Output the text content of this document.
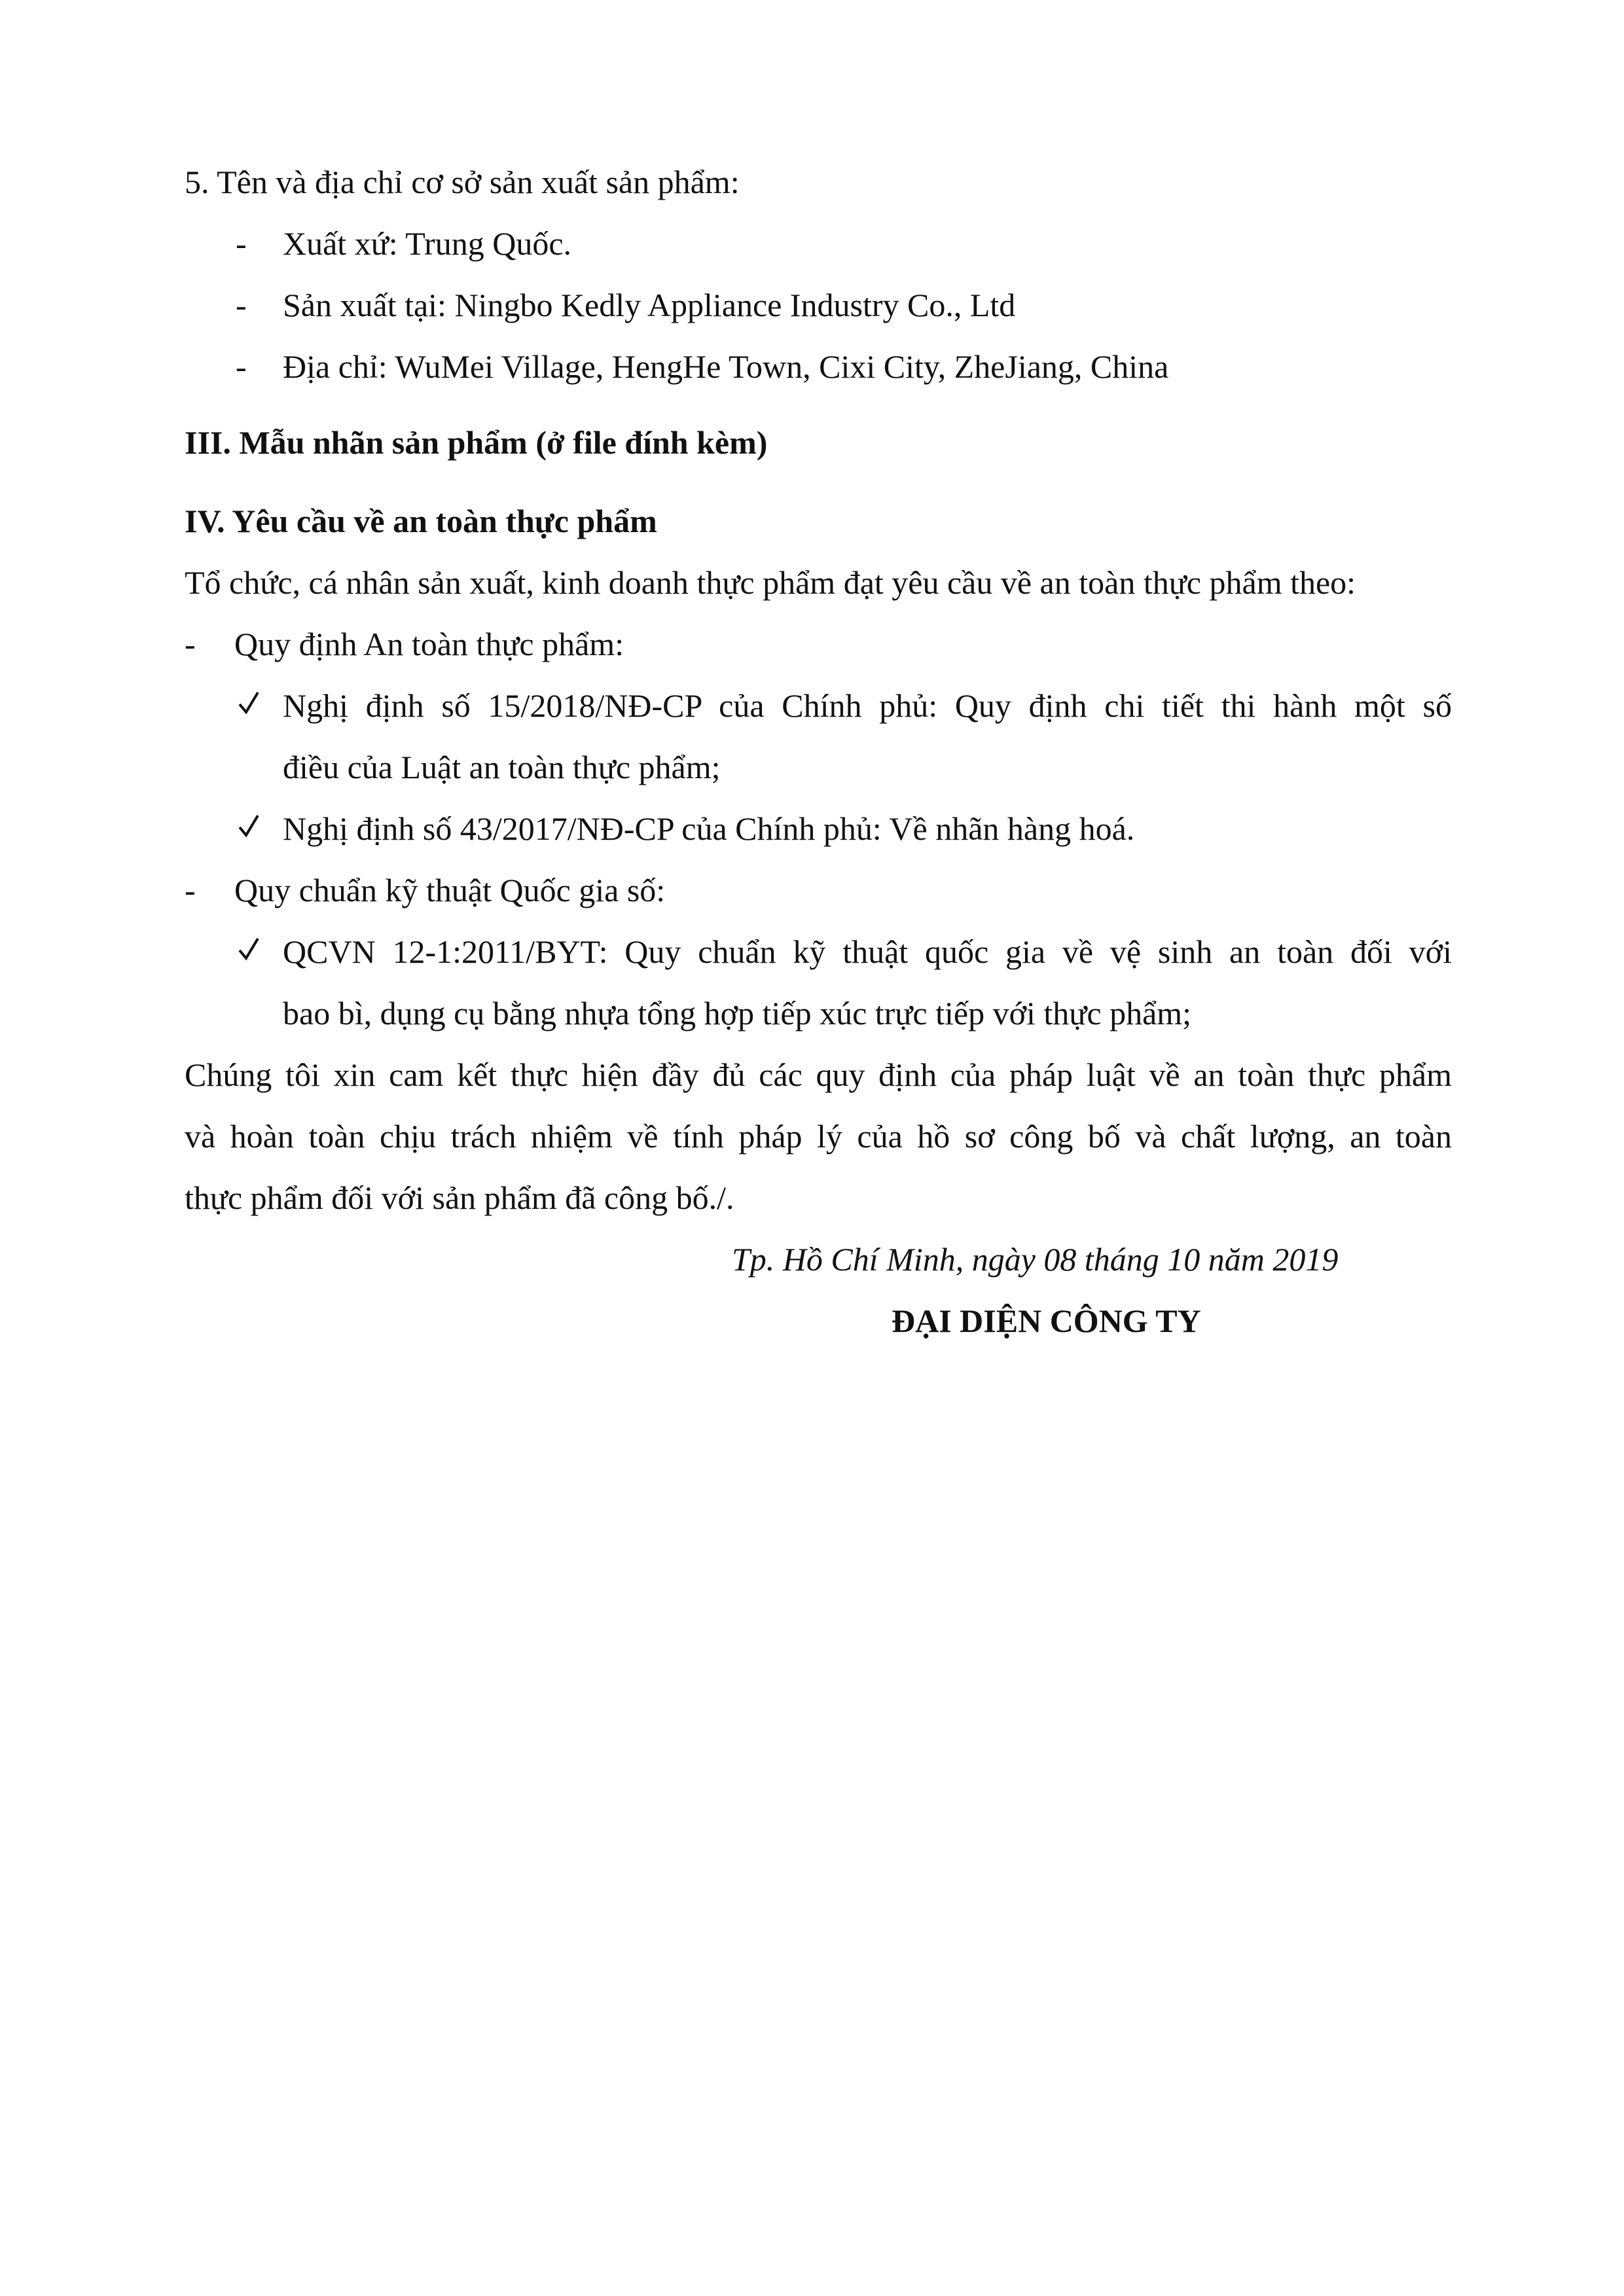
5. Tên và địa chỉ cơ sở sản xuất sản phẩm:
- Xuất xứ: Trung Quốc.
- Sản xuất tại: Ningbo Kedly Appliance Industry Co., Ltd
- Địa chỉ: WuMei Village, HengHe Town, Cixi City, ZheJiang, China
III. Mẫu nhãn sản phẩm (ở file đính kèm)
IV. Yêu cầu về an toàn thực phẩm
Tổ chức, cá nhân sản xuất, kinh doanh thực phẩm đạt yêu cầu về an toàn thực phẩm theo:
- Quy định An toàn thực phẩm:
Nghị định số 15/2018/NĐ-CP của Chính phủ: Quy định chi tiết thi hành một số
điều của Luật an toàn thực phẩm;
Nghị định số 43/2017/NĐ-CP của Chính phủ: Về nhãn hàng hoá.
- Quy chuẩn kỹ thuật Quốc gia số:
QCVN 12-1:2011/BYT: Quy chuẩn kỹ thuật quốc gia về vệ sinh an toàn đối với
bao bì, dụng cụ bằng nhựa tổng hợp tiếp xúc trực tiếp với thực phẩm;
Chúng tôi xin cam kết thực hiện đầy đủ các quy định của pháp luật về an toàn thực phẩm
và hoàn toàn chịu trách nhiệm về tính pháp lý của hồ sơ công bố và chất lượng, an toàn
thực phẩm đối với sản phẩm đã công bố./.
Tp. Hồ Chí Minh, ngày 08 tháng 10 năm 2019
ĐẠI DIỆN CÔNG TY
